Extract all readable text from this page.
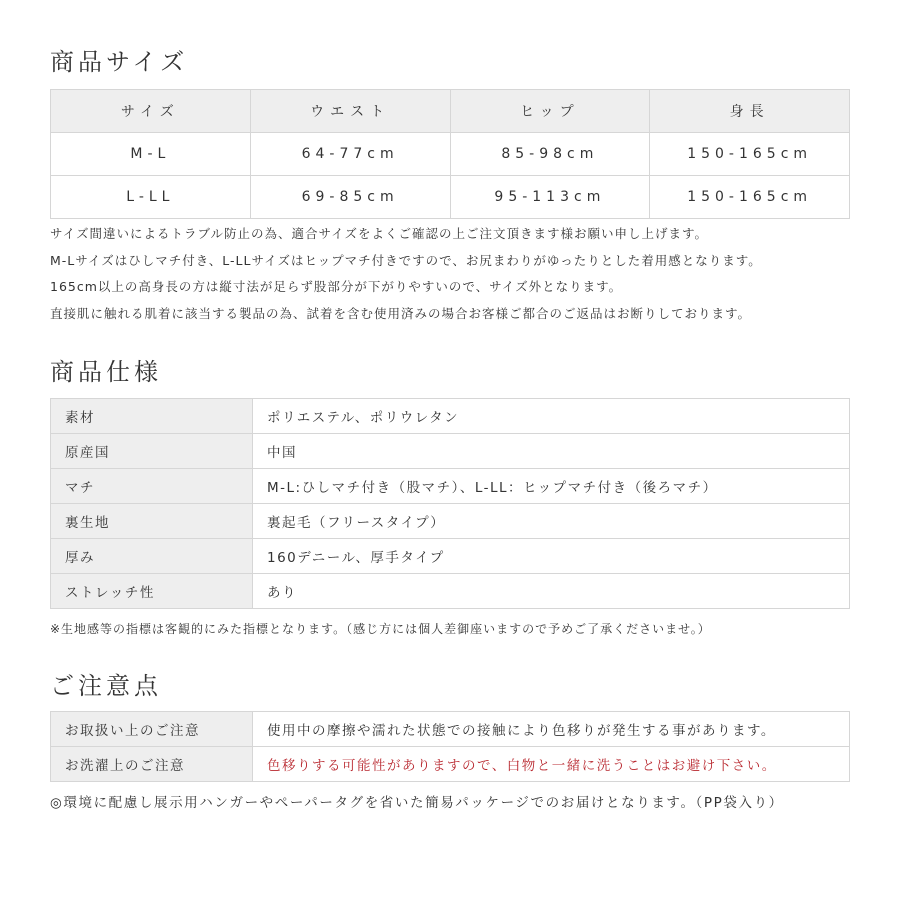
商品サイズ
サイズ	ウエスト	ヒップ	身長
M-L	64-77cm	85-98cm	150-165cm
L-LL	69-85cm	95-113cm	150-165cm
サイズ間違いによるトラブル防止の為、適合サイズをよくご確認の上ご注文頂きます様お願い申し上げます。
M-Lサイズはひしマチ付き、L-LLサイズはヒップマチ付きですので、お尻まわりがゆったりとした着用感となります。
165cm以上の高身長の方は縦寸法が足らず股部分が下がりやすいので、サイズ外となります。
直接肌に触れる肌着に該当する製品の為、試着を含む使用済みの場合お客様ご都合のご返品はお断りしております。
商品仕様
素材	ポリエステル、ポリウレタン
原産国	中国
マチ	M-L:ひしマチ付き（股マチ）、L-LL：ヒップマチ付き（後ろマチ）
裏生地	裏起毛（フリースタイプ）
厚み	160デニール、厚手タイプ
ストレッチ性	あり
※生地感等の指標は客観的にみた指標となります。（感じ方には個人差御座いますので予めご了承くださいませ。）
ご注意点
お取扱い上のご注意	使用中の摩擦や濡れた状態での接触により色移りが発生する事があります。
お洗濯上のご注意	色移りする可能性がありますので、白物と一緒に洗うことはお避け下さい。
◎環境に配慮し展示用ハンガーやペーパータグを省いた簡易パッケージでのお届けとなります。（PP袋入り）
